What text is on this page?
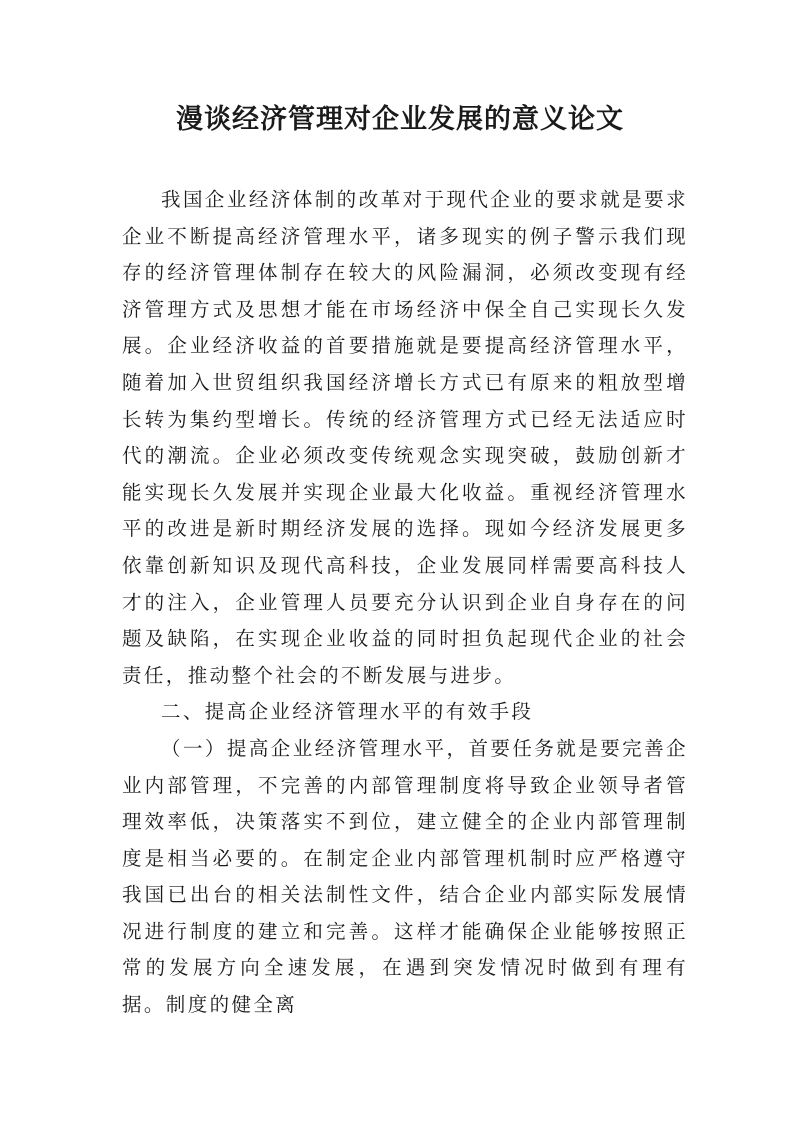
漫谈经济管理对企业发展的意义论文

我国企业经济体制的改革对于现代企业的要求就是要求企业不断提高经济管理水平，诸多现实的例子警示我们现存的经济管理体制存在较大的风险漏洞，必须改变现有经济管理方式及思想才能在市场经济中保全自己实现长久发展。企业经济收益的首要措施就是要提高经济管理水平，随着加入世贸组织我国经济增长方式已有原来的粗放型增长转为集约型增长。传统的经济管理方式已经无法适应时代的潮流。企业必须改变传统观念实现突破，鼓励创新才能实现长久发展并实现企业最大化收益。重视经济管理水平的改进是新时期经济发展的选择。现如今经济发展更多依靠创新知识及现代高科技，企业发展同样需要高科技人才的注入，企业管理人员要充分认识到企业自身存在的问题及缺陷，在实现企业收益的同时担负起现代企业的社会责任，推动整个社会的不断发展与进步。

二、提高企业经济管理水平的有效手段

（一）提高企业经济管理水平，首要任务就是要完善企业内部管理，不完善的内部管理制度将导致企业领导者管理效率低，决策落实不到位，建立健全的企业内部管理制度是相当必要的。在制定企业内部管理机制时应严格遵守我国已出台的相关法制性文件，结合企业内部实际发展情况进行制度的建立和完善。这样才能确保企业能够按照正常的发展方向全速发展，在遇到突发情况时做到有理有据。制度的健全离
